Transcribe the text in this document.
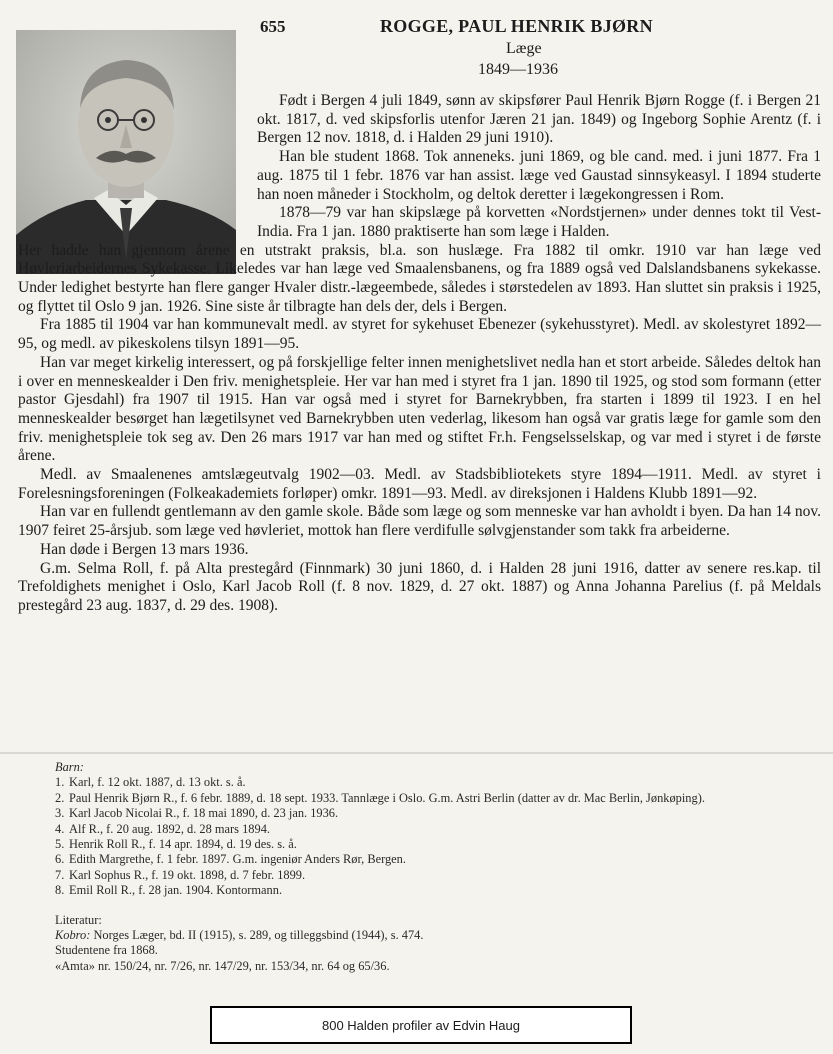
655	ROGGE, PAUL HENRIK BJØRN
Læge
1849—1936

Født i Bergen 4 juli 1849, sønn av skipsfører Paul Henrik Bjørn Rogge (f. i Bergen 21 okt. 1817, d. ved skipsforlis utenfor Jæren 21 jan. 1849) og Ingeborg Sophie Arentz (f. i Bergen 12 nov. 1818, d. i Halden 29 juni 1910).

Han ble student 1868. Tok anneneks. juni 1869, og ble cand. med. i juni 1877. Fra 1 aug. 1875 til 1 febr. 1876 var han assist. læge ved Gaustad sinnsykeasyl. I 1894 studerte han noen måneder i Stockholm, og deltok deretter i lægekongressen i Rom.

1878—79 var han skipslæge på korvetten «Nordstjernen» under dennes tokt til Vest-India. Fra 1 jan. 1880 praktiserte han som læge i Halden.

Her hadde han gjennom årene en utstrakt praksis, bl.a. son huslæge. Fra 1882 til omkr. 1910 var han læge ved Høvleriarbeidernes Sykekasse. Likeledes var han læge ved Smaalensbanens, og fra 1889 også ved Dalslandsbanens sykekasse. Under ledighet bestyrte han flere ganger Hvaler distr.-lægeembede, således i størstedelen av 1893. Han sluttet sin praksis i 1925, og flyttet til Oslo 9 jan. 1926. Sine siste år tilbragte han dels der, dels i Bergen.

Fra 1885 til 1904 var han kommunevalt medl. av styret for sykehuset Ebenezer (sykehusstyret). Medl. av skolestyret 1892—95, og medl. av pikeskolens tilsyn 1891—95.

Han var meget kirkelig interessert, og på forskjellige felter innen menighetslivet nedla han et stort arbeide. Således deltok han i over en menneskealder i Den friv. menighetspleie. Her var han med i styret fra 1 jan. 1890 til 1925, og stod som formann (etter pastor Gjesdahl) fra 1907 til 1915. Han var også med i styret for Barnekrybben, fra starten i 1899 til 1923. I en hel menneskealder besørget han lægetilsynet ved Barnekrybben uten vederlag, likesom han også var gratis læge for gamle som den friv. menighetspleie tok seg av. Den 26 mars 1917 var han med og stiftet Fr.h. Fengselsselskap, og var med i styret i de første årene.

Medl. av Smaalenenes amtslægeutvalg 1902—03. Medl. av Stadsbibliotekets styre 1894—1911. Medl. av styret i Forelesningsforeningen (Folkeakademiets forløper) omkr. 1891—93. Medl. av direksjonen i Haldens Klubb 1891—92.

Han var en fullendt gentlemann av den gamle skole. Både som læge og som menneske var han avholdt i byen. Da han 14 nov. 1907 feiret 25-årsjub. som læge ved høvleriet, mottok han flere verdifulle sølvgjenstander som takk fra arbeiderne.

Han døde i Bergen 13 mars 1936.

G.m. Selma Roll, f. på Alta prestegård (Finnmark) 30 juni 1860, d. i Halden 28 juni 1916, datter av senere res.kap. til Trefoldighets menighet i Oslo, Karl Jacob Roll (f. 8 nov. 1829, d. 27 okt. 1887) og Anna Johanna Parelius (f. på Meldals prestegård 23 aug. 1837, d. 29 des. 1908).

Barn:
1. Karl, f. 12 okt. 1887, d. 13 okt. s. å.
2. Paul Henrik Bjørn R., f. 6 febr. 1889, d. 18 sept. 1933. Tannlæge i Oslo. G.m. Astri Berlin (datter av dr. Mac Berlin, Jønkøping).
3. Karl Jacob Nicolai R., f. 18 mai 1890, d. 23 jan. 1936.
4. Alf R., f. 20 aug. 1892, d. 28 mars 1894.
5. Henrik Roll R., f. 14 apr. 1894, d. 19 des. s. å.
6. Edith Margrethe, f. 1 febr. 1897. G.m. ingeniør Anders Rør, Bergen.
7. Karl Sophus R., f. 19 okt. 1898, d. 7 febr. 1899.
8. Emil Roll R., f. 28 jan. 1904. Kontormann.
Literatur:
Kobro: Norges Læger, bd. II (1915), s. 289, og tilleggsbind (1944), s. 474.
Studentene fra 1868.
«Amta» nr. 150/24, nr. 7/26, nr. 147/29, nr. 153/34, nr. 64 og 65/36.
800 Halden profiler av Edvin Haug
